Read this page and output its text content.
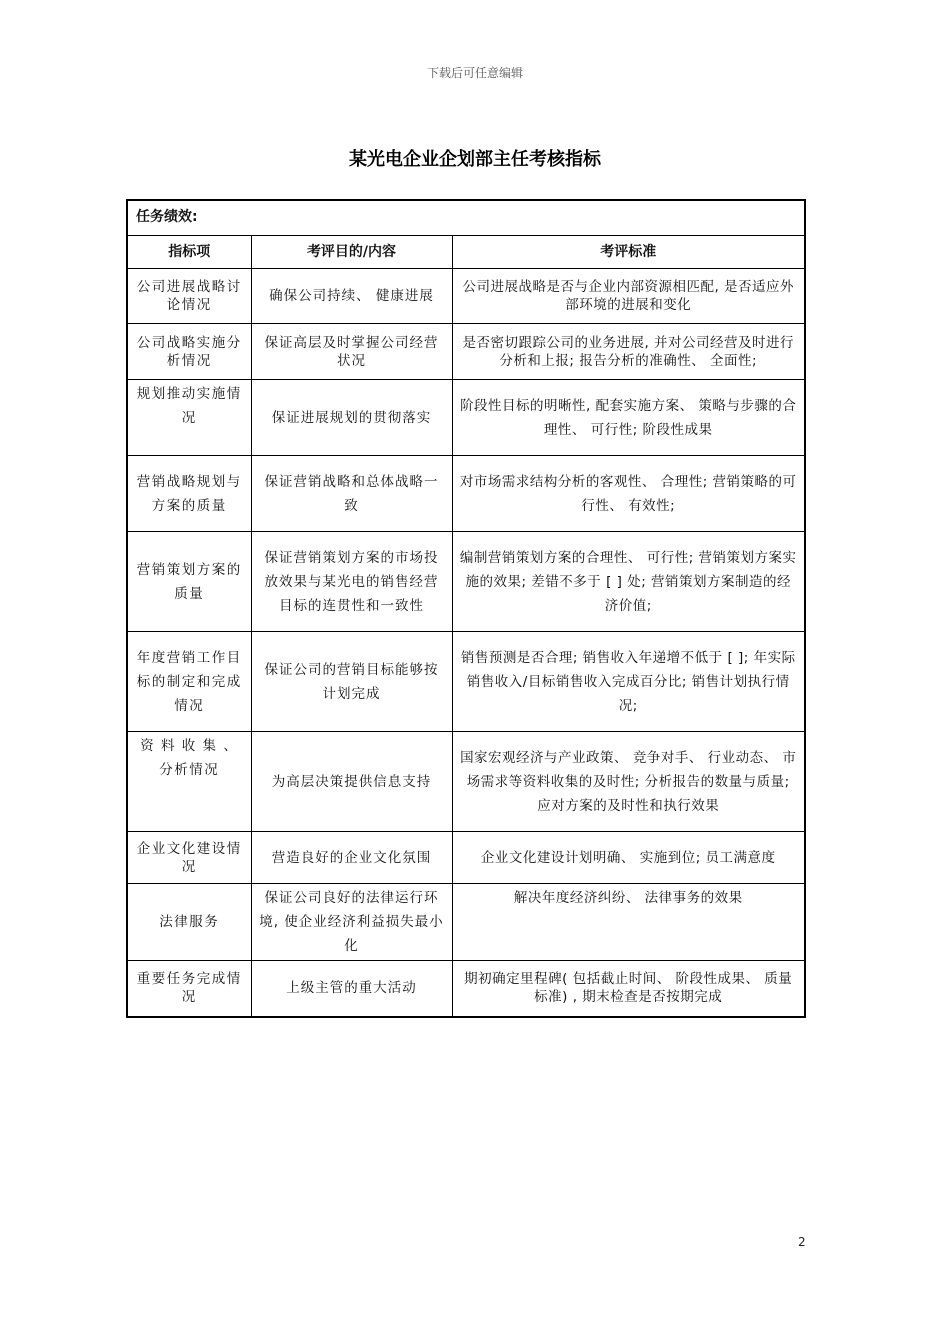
下载后可任意编辑
某光电企业企划部主任考核指标
任务绩效:
指标项	考评目的/内容	考评标准
公司进展战略讨论情况	确保公司持续、 健康进展	公司进展战略是否与企业内部资源相匹配, 是否适应外部环境的进展和变化
公司战略实施分析情况	保证高层及时掌握公司经营状况	是否密切跟踪公司的业务进展, 并对公司经营及时进行分析和上报; 报告分析的准确性、 全面性;
规划推动实施情况	保证进展规划的贯彻落实	阶段性目标的明晰性, 配套实施方案、 策略与步骤的合理性、 可行性; 阶段性成果
营销战略规划与方案的质量	保证营销战略和总体战略一致	对市场需求结构分析的客观性、 合理性; 营销策略的可行性、 有效性;
营销策划方案的质量	保证营销策划方案的市场投放效果与某光电的销售经营目标的连贯性和一致性	编制营销策划方案的合理性、 可行性; 营销策划方案实施的效果; 差错不多于 [ ] 处; 营销策划方案制造的经济价值;
年度营销工作目标的制定和完成情况	保证公司的营销目标能够按计划完成	销售预测是否合理; 销售收入年递增不低于 [ ]; 年实际销售收入/目标销售收入完成百分比; 销售计划执行情况;
资 料 收 集 、分析情况	为高层决策提供信息支持	国家宏观经济与产业政策、 竞争对手、 行业动态、 市场需求等资料收集的及时性; 分析报告的数量与质量; 应对方案的及时性和执行效果
企业文化建设情况	营造良好的企业文化氛围	企业文化建设计划明确、 实施到位; 员工满意度
法律服务	保证公司良好的法律运行环境, 使企业经济利益损失最小化	解决年度经济纠纷、 法律事务的效果
重要任务完成情况	上级主管的重大活动	期初确定里程碑( 包括截止时间、 阶段性成果、 质量标准) , 期末检查是否按期完成
2
